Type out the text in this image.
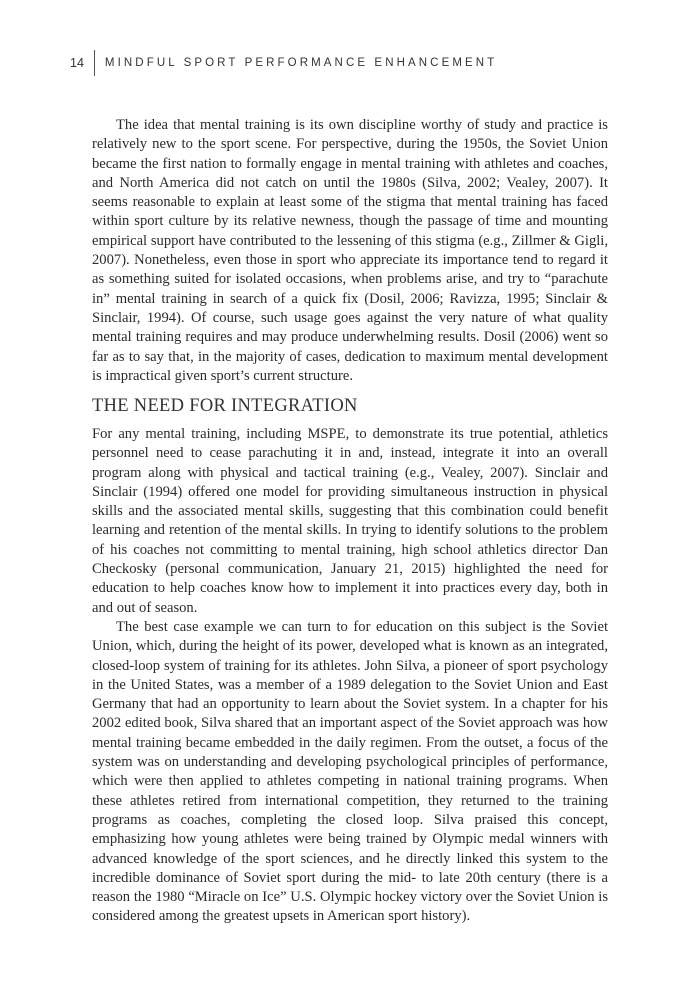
14	MINDFUL SPORT PERFORMANCE ENHANCEMENT

The idea that mental training is its own discipline worthy of study and practice is relatively new to the sport scene. For perspective, during the 1950s, the Soviet Union became the first nation to formally engage in mental training with athletes and coaches, and North America did not catch on until the 1980s (Silva, 2002; Vealey, 2007). It seems reasonable to explain at least some of the stigma that mental training has faced within sport culture by its relative newness, though the passage of time and mounting empirical support have contributed to the lessening of this stigma (e.g., Zillmer & Gigli, 2007). Nonetheless, even those in sport who appreciate its importance tend to regard it as something suited for isolated occasions, when problems arise, and try to “parachute in” mental training in search of a quick fix (Dosil, 2006; Ravizza, 1995; Sinclair & Sinclair, 1994). Of course, such usage goes against the very nature of what quality mental training requires and may produce underwhelming results. Dosil (2006) went so far as to say that, in the majority of cases, dedication to maximum mental development is impractical given sport’s current structure.

THE NEED FOR INTEGRATION

For any mental training, including MSPE, to demonstrate its true potential, athletics personnel need to cease parachuting it in and, instead, integrate it into an overall program along with physical and tactical training (e.g., Vealey, 2007). Sinclair and Sinclair (1994) offered one model for providing simultaneous instruction in physical skills and the associated mental skills, suggesting that this combination could benefit learning and retention of the mental skills. In trying to identify solutions to the problem of his coaches not committing to mental training, high school athletics director Dan Checkosky (personal communication, January 21, 2015) highlighted the need for education to help coaches know how to implement it into practices every day, both in and out of season.

The best case example we can turn to for education on this subject is the Soviet Union, which, during the height of its power, developed what is known as an integrated, closed-loop system of training for its athletes. John Silva, a pioneer of sport psychology in the United States, was a member of a 1989 delegation to the Soviet Union and East Germany that had an opportunity to learn about the Soviet system. In a chapter for his 2002 edited book, Silva shared that an important aspect of the Soviet approach was how mental training became embedded in the daily regimen. From the outset, a focus of the system was on understanding and developing psychological principles of performance, which were then applied to athletes competing in national training programs. When these athletes retired from international competition, they returned to the training programs as coaches, completing the closed loop. Silva praised this concept, emphasizing how young athletes were being trained by Olympic medal winners with advanced knowledge of the sport sciences, and he directly linked this system to the incredible dominance of Soviet sport during the mid- to late 20th century (there is a reason the 1980 “Miracle on Ice” U.S. Olympic hockey victory over the Soviet Union is considered among the greatest upsets in American sport history).
